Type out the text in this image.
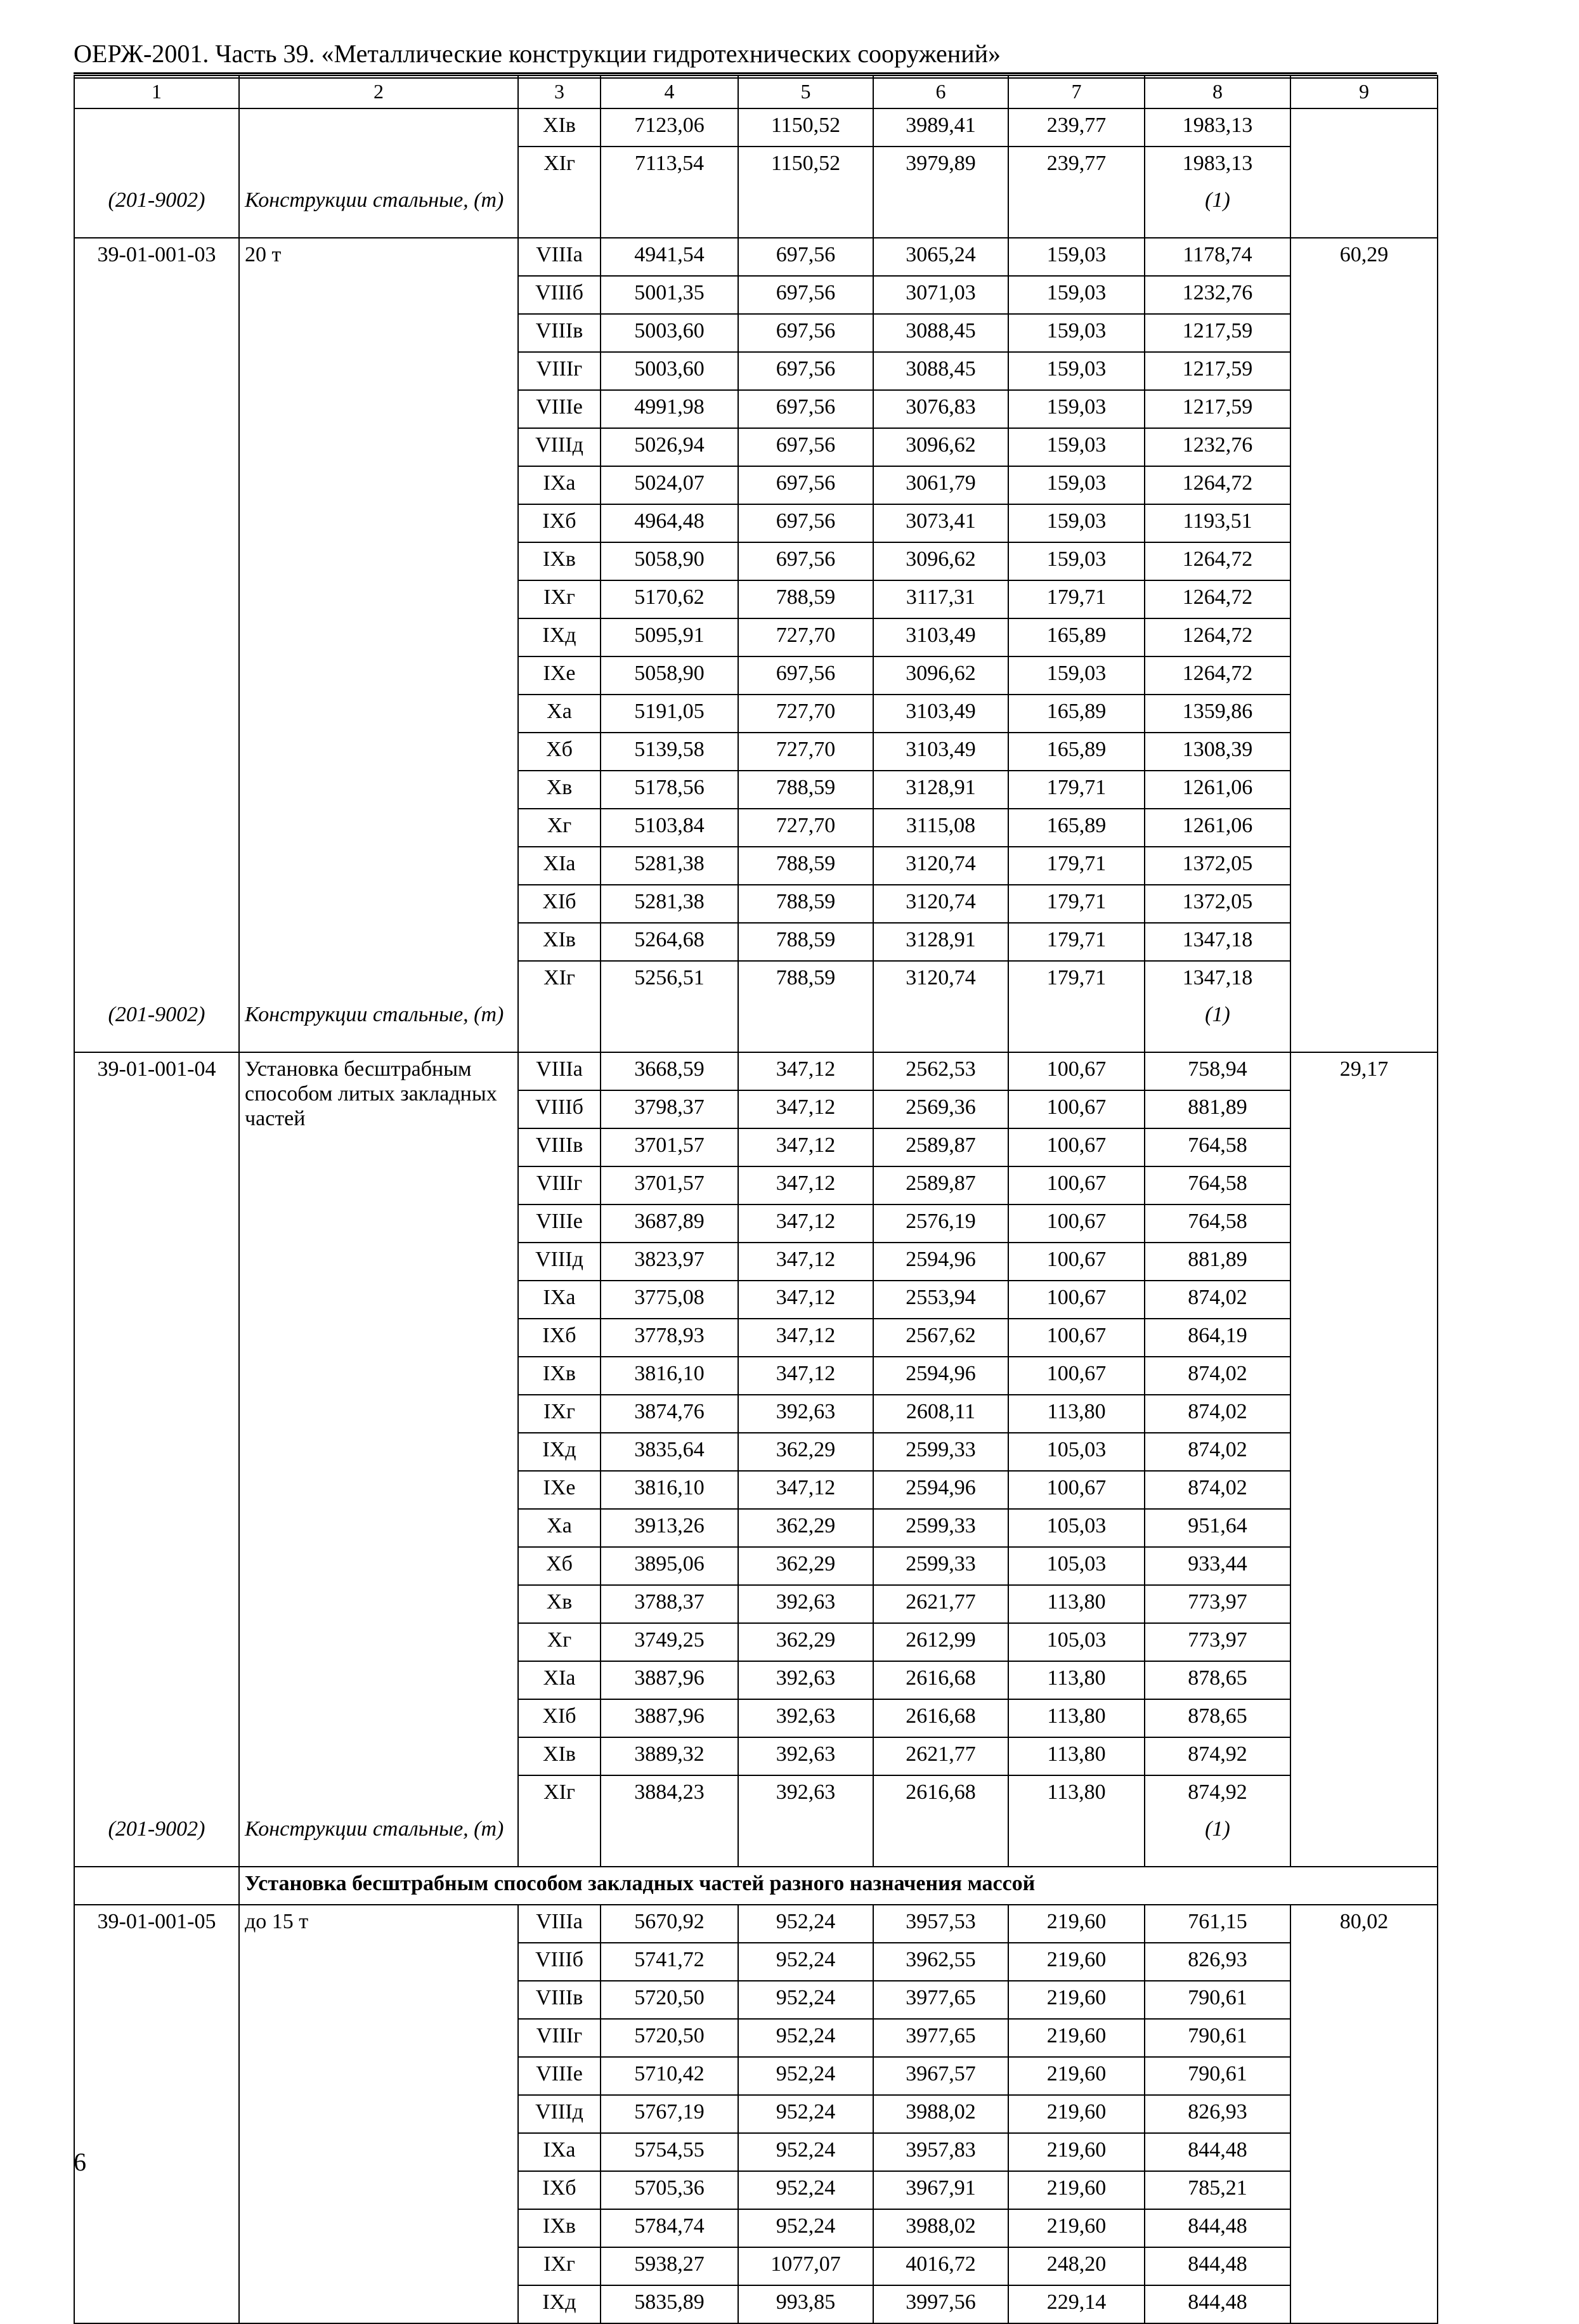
ОЕРЖ-2001. Часть 39. «Металлические конструкции гидротехнических сооружений»
1	2	3	4	5	6	7	8	9
		XIв	7123,06	1150,52	3989,41	239,77	1983,13	
		XIг	7113,54	1150,52	3979,89	239,77	1983,13	
(201-9002)	Конструкции стальные, (т)						(1)	
39-01-001-03	20 т	VIIIа	4941,54	697,56	3065,24	159,03	1178,74	60,29
		VIIIб	5001,35	697,56	3071,03	159,03	1232,76	
		VIIIв	5003,60	697,56	3088,45	159,03	1217,59	
		VIIIг	5003,60	697,56	3088,45	159,03	1217,59	
		VIIIе	4991,98	697,56	3076,83	159,03	1217,59	
		VIIIд	5026,94	697,56	3096,62	159,03	1232,76	
		IXа	5024,07	697,56	3061,79	159,03	1264,72	
		IXб	4964,48	697,56	3073,41	159,03	1193,51	
		IXв	5058,90	697,56	3096,62	159,03	1264,72	
		IXг	5170,62	788,59	3117,31	179,71	1264,72	
		IXд	5095,91	727,70	3103,49	165,89	1264,72	
		IXе	5058,90	697,56	3096,62	159,03	1264,72	
		Xа	5191,05	727,70	3103,49	165,89	1359,86	
		Xб	5139,58	727,70	3103,49	165,89	1308,39	
		Xв	5178,56	788,59	3128,91	179,71	1261,06	
		Xг	5103,84	727,70	3115,08	165,89	1261,06	
		XIа	5281,38	788,59	3120,74	179,71	1372,05	
		XIб	5281,38	788,59	3120,74	179,71	1372,05	
		XIв	5264,68	788,59	3128,91	179,71	1347,18	
		XIг	5256,51	788,59	3120,74	179,71	1347,18	
(201-9002)	Конструкции стальные, (т)						(1)	
39-01-001-04	Установка бесштрабным способом литых закладных частей	VIIIа	3668,59	347,12	2562,53	100,67	758,94	29,17
		VIIIб	3798,37	347,12	2569,36	100,67	881,89	
		VIIIв	3701,57	347,12	2589,87	100,67	764,58	
		VIIIг	3701,57	347,12	2589,87	100,67	764,58	
		VIIIе	3687,89	347,12	2576,19	100,67	764,58	
		VIIIд	3823,97	347,12	2594,96	100,67	881,89	
		IXа	3775,08	347,12	2553,94	100,67	874,02	
		IXб	3778,93	347,12	2567,62	100,67	864,19	
		IXв	3816,10	347,12	2594,96	100,67	874,02	
		IXг	3874,76	392,63	2608,11	113,80	874,02	
		IXд	3835,64	362,29	2599,33	105,03	874,02	
		IXе	3816,10	347,12	2594,96	100,67	874,02	
		Xа	3913,26	362,29	2599,33	105,03	951,64	
		Xб	3895,06	362,29	2599,33	105,03	933,44	
		Xв	3788,37	392,63	2621,77	113,80	773,97	
		Xг	3749,25	362,29	2612,99	105,03	773,97	
		XIа	3887,96	392,63	2616,68	113,80	878,65	
		XIб	3887,96	392,63	2616,68	113,80	878,65	
		XIв	3889,32	392,63	2621,77	113,80	874,92	
		XIг	3884,23	392,63	2616,68	113,80	874,92	
(201-9002)	Конструкции стальные, (т)						(1)	
	Установка бесштрабным способом закладных частей разного назначения массой							
39-01-001-05	до 15 т	VIIIа	5670,92	952,24	3957,53	219,60	761,15	80,02
		VIIIб	5741,72	952,24	3962,55	219,60	826,93	
		VIIIв	5720,50	952,24	3977,65	219,60	790,61	
		VIIIг	5720,50	952,24	3977,65	219,60	790,61	
		VIIIе	5710,42	952,24	3967,57	219,60	790,61	
		VIIIд	5767,19	952,24	3988,02	219,60	826,93	
		IXа	5754,55	952,24	3957,83	219,60	844,48	
		IXб	5705,36	952,24	3967,91	219,60	785,21	
		IXв	5784,74	952,24	3988,02	219,60	844,48	
		IXг	5938,27	1077,07	4016,72	248,20	844,48	
		IXд	5835,89	993,85	3997,56	229,14	844,48	
6
